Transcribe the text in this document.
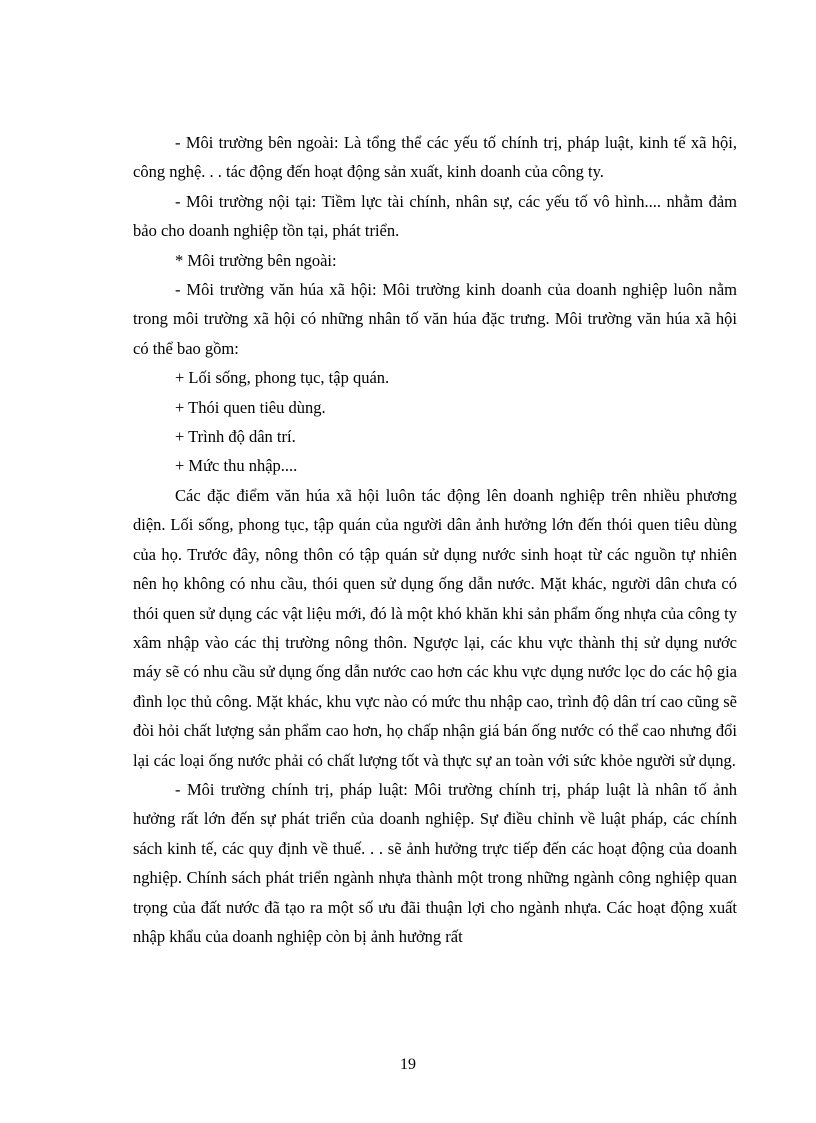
- Môi trường bên ngoài: Là tổng thể các yếu tố chính trị, pháp luật, kinh tế xã hội, công nghệ. . . tác động đến hoạt động sản xuất, kinh doanh của công ty.

- Môi trường nội tại: Tiềm lực tài chính, nhân sự, các yếu tố vô hình.... nhằm đảm bảo cho doanh nghiệp tồn tại, phát triển.

* Môi trường bên ngoài:

- Môi trường văn húa xã hội: Môi trường kinh doanh của doanh nghiệp luôn nằm trong môi trường xã hội có những nhân tố văn húa đặc trưng. Môi trường văn húa xã hội có thể bao gồm:

+ Lối sống, phong tục, tập quán.

+ Thói quen tiêu dùng.

+ Trình độ dân trí.

+ Mức thu nhập....

Các đặc điểm văn húa xã hội luôn tác động lên doanh nghiệp trên nhiều phương diện. Lối sống, phong tục, tập quán của người dân ảnh hưởng lớn đến thói quen tiêu dùng của họ. Trước đây, nông thôn có tập quán sử dụng nước sinh hoạt từ các nguồn tự nhiên nên họ không có nhu cầu, thói quen sử dụng ống dẫn nước. Mặt khác, người dân chưa có thói quen sử dụng các vật liệu mới, đó là một khó khăn khi sản phẩm ống nhựa của công ty xâm nhập vào các thị trường nông thôn. Ngược lại, các khu vực thành thị sử dụng nước máy sẽ có nhu cầu sử dụng ống dẫn nước cao hơn các khu vực dụng nước lọc do các hộ gia đình lọc thủ công. Mặt khác, khu vực nào có mức thu nhập cao, trình độ dân trí cao cũng sẽ đòi hỏi chất lượng sản phẩm cao hơn, họ chấp nhận giá bán ống nước có thể cao nhưng đổi lại các loại ống nước phải có chất lượng tốt và thực sự an toàn với sức khỏe người sử dụng.

- Môi trường chính trị, pháp luật: Môi trường chính trị, pháp luật là nhân tố ảnh hưởng rất lớn đến sự phát triển của doanh nghiệp. Sự điều chỉnh về luật pháp, các chính sách kinh tế, các quy định về thuế. . . sẽ ảnh hưởng trực tiếp đến các hoạt động của doanh nghiệp. Chính sách phát triển ngành nhựa thành một trong những ngành công nghiệp quan trọng của đất nước đã tạo ra một số ưu đãi thuận lợi cho ngành nhựa. Các hoạt động xuất nhập khẩu của doanh nghiệp còn bị ảnh hưởng rất

19
